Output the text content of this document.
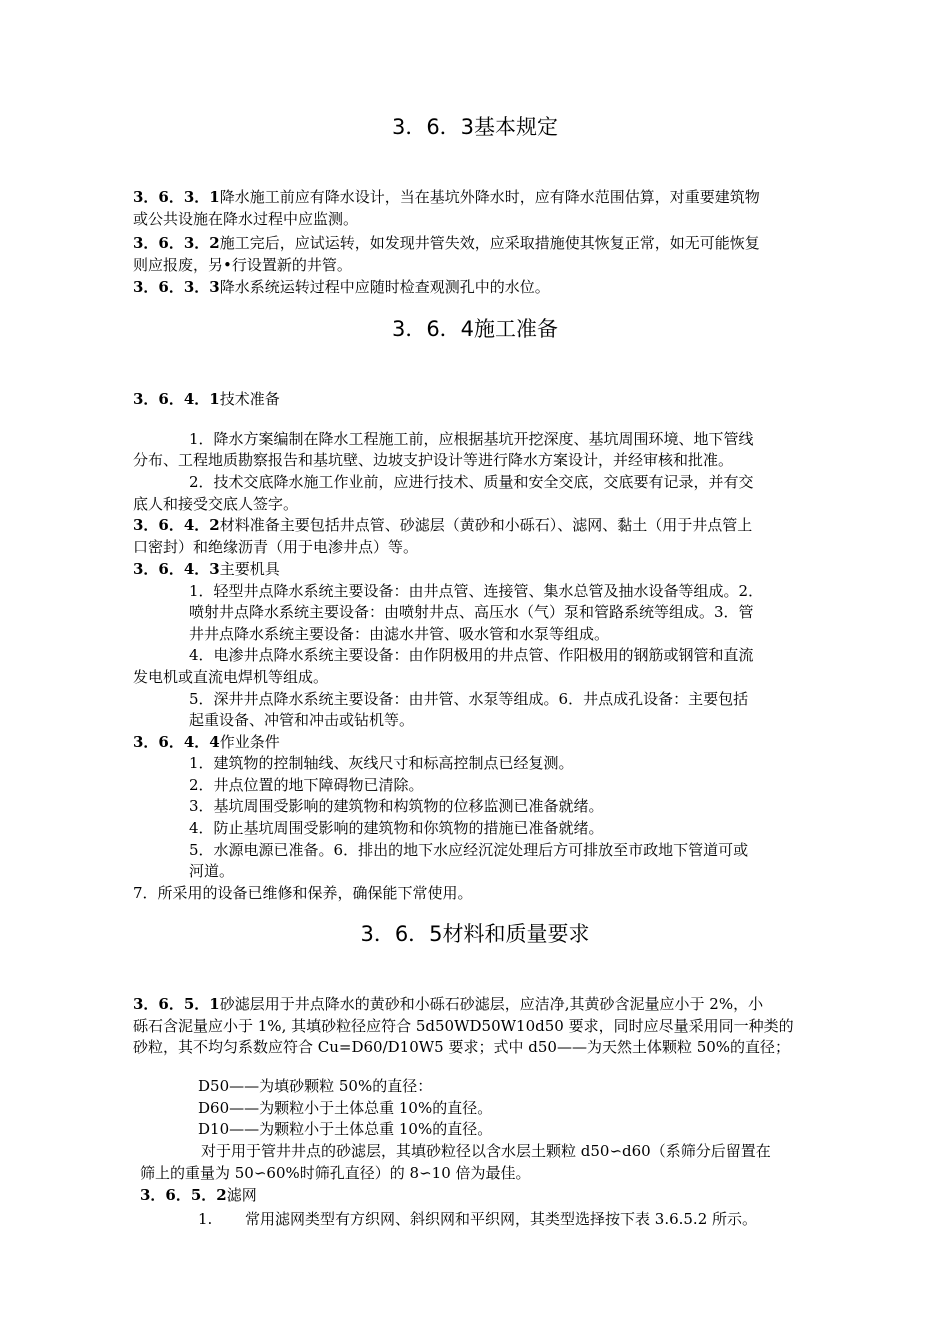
3．6．3基本规定
3．6．3．1降水施工前应有降水设计，当在基坑外降水时，应有降水范围估算，对重要建筑物
或公共设施在降水过程中应监测。
3．6．3．2施工完后，应试运转，如发现井管失效，应采取措施使其恢复正常，如无可能恢复
则应报废，另•行设置新的井管。
3．6．3．3降水系统运转过程中应随时检查观测孔中的水位。
3．6．4施工准备
3．6．4．1技术准备
1．降水方案编制在降水工程施工前，应根据基坑开挖深度、基坑周围环境、地下管线
分布、工程地质勘察报告和基坑壁、边坡支护设计等进行降水方案设计，并经审核和批准。
2．技术交底降水施工作业前，应进行技术、质量和安全交底，交底要有记录，并有交
底人和接受交底人签字。
3．6．4．2材料准备主要包括井点管、砂滤层（黄砂和小砾石）、滤网、黏土（用于井点管上
口密封）和绝缘沥青（用于电渗井点）等。
3．6．4．3主要机具
1．轻型井点降水系统主要设备：由井点管、连接管、集水总管及抽水设备等组成。2．
喷射井点降水系统主要设备：由喷射井点、高压水（气）泵和管路系统等组成。3．管
井井点降水系统主要设备：由滤水井管、吸水管和水泵等组成。
4．电渗井点降水系统主要设备：由作阴极用的井点管、作阳极用的钢筋或钢管和直流
发电机或直流电焊机等组成。
5．深井井点降水系统主要设备：由井管、水泵等组成。6．井点成孔设备：主要包括
起重设备、冲管和冲击或钻机等。
3．6．4．4作业条件
1．建筑物的控制轴线、灰线尺寸和标高控制点已经复测。
2．井点位置的地下障碍物已清除。
3．基坑周围受影响的建筑物和构筑物的位移监测已准备就绪。
4．防止基坑周围受影响的建筑物和你筑物的措施已准备就绪。
5．水源电源已准备。6．排出的地下水应经沉淀处理后方可排放至市政地下管道可或
河道。
7．所采用的设备已维修和保养，确保能下常使用。
3．6．5材料和质量要求
3．6．5．1砂滤层用于井点降水的黄砂和小砾石砂滤层，应洁净,其黄砂含泥量应小于 2%，小
砾石含泥量应小于 1%, 其填砂粒径应符合 5d50WD50W10d50 要求，同时应尽量采用同一种类的
砂粒，其不均匀系数应符合 Cu=D60/D10W5 要求；式中 d50——为天然土体颗粒 50%的直径；
D50——为填砂颗粒 50%的直径：
D60——为颗粒小于土体总重 10%的直径。
D10——为颗粒小于土体总重 10%的直径。
对于用于管井井点的砂滤层，其填砂粒径以含水层土颗粒 d50∽d60（系筛分后留置在
筛上的重量为 50∽60%时筛孔直径）的 8∽10 倍为最佳。
3．6．5．2滤网
1. 常用滤网类型有方织网、斜织网和平织网，其类型选择按下表 3.6.5.2 所示。
